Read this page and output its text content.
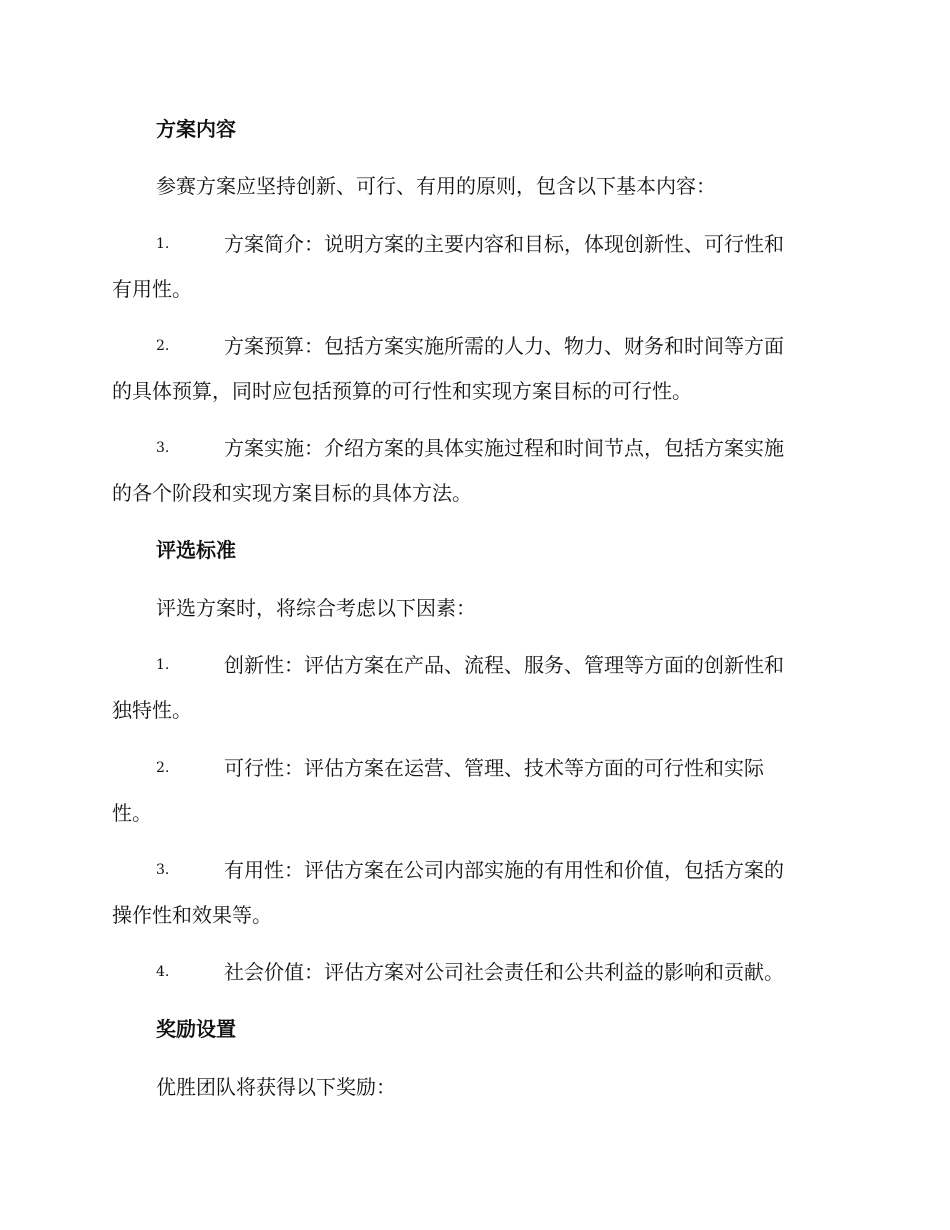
方案内容
参赛方案应坚持创新、可行、有用的原则，包含以下基本内容：
1.	方案简介：说明方案的主要内容和目标，体现创新性、可行性和
有用性。
2.	方案预算：包括方案实施所需的人力、物力、财务和时间等方面
的具体预算，同时应包括预算的可行性和实现方案目标的可行性。
3.	方案实施：介绍方案的具体实施过程和时间节点，包括方案实施
的各个阶段和实现方案目标的具体方法。
评选标准
评选方案时，将综合考虑以下因素：
1.	创新性：评估方案在产品、流程、服务、管理等方面的创新性和
独特性。
2.	可行性：评估方案在运营、管理、技术等方面的可行性和实际
性。
3.	有用性：评估方案在公司内部实施的有用性和价值，包括方案的
操作性和效果等。
4.	社会价值：评估方案对公司社会责任和公共利益的影响和贡献。
奖励设置
优胜团队将获得以下奖励：
